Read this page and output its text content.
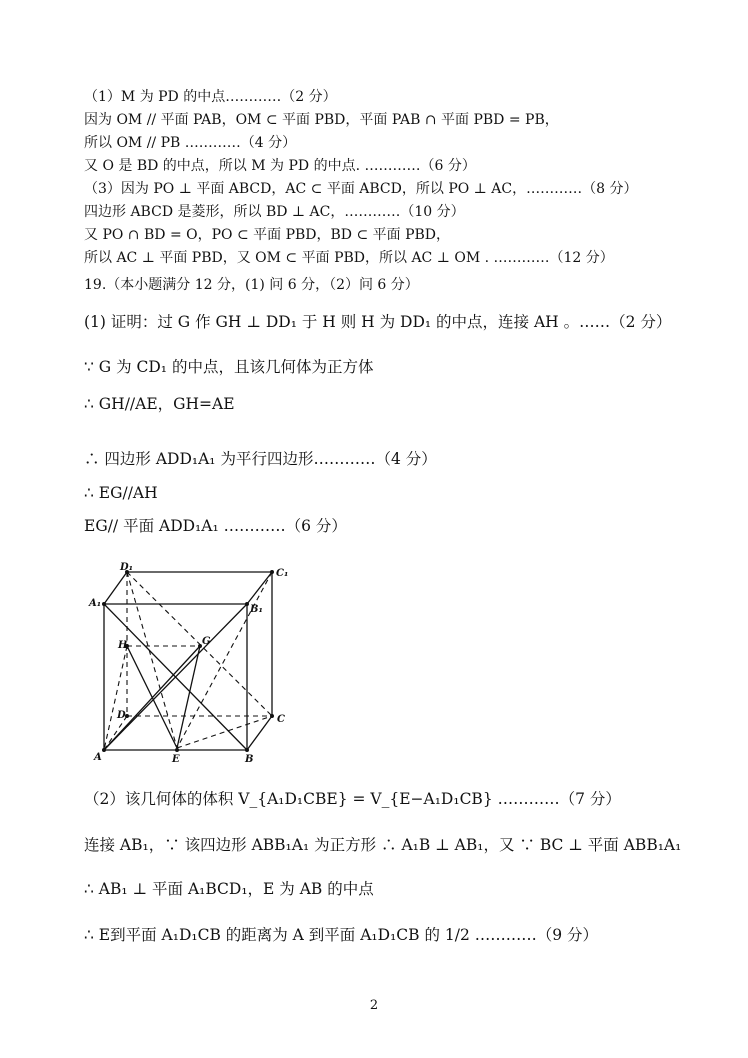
（1）M 为 PD 的中点…………（2 分）
因为 OM // 平面 PAB，OM ⊂ 平面 PBD，平面 PAB ∩ 平面 PBD = PB，
所以 OM // PB …………（4 分）
又 O 是 BD 的中点，所以 M 为 PD 的中点. …………（6 分）
（3）因为 PO ⊥ 平面 ABCD，AC ⊂ 平面 ABCD，所以 PO ⊥ AC，…………（8 分）
四边形 ABCD 是菱形，所以 BD ⊥ AC，…………（10 分）
又 PO ∩ BD = O，PO ⊂ 平面 PBD，BD ⊂ 平面 PBD，
所以 AC ⊥ 平面 PBD，又 OM ⊂ 平面 PBD，所以 AC ⊥ OM . …………（12 分）
19.（本小题满分 12 分，(1) 问 6 分，（2）问 6 分）
(1) 证明：过 G 作 GH ⊥ DD₁ 于 H 则 H 为 DD₁ 的中点，连接 AH 。……（2 分）
∵ G 为 CD₁ 的中点，且该几何体为正方体
∴ GH//AE，GH=AE
∴ 四边形 ADD₁A₁ 为平行四边形…………（4 分）
∴ EG//AH
EG// 平面 ADD₁A₁ …………（6 分）
D₁
C₁
A₁
B₁
H	G
D	C
A	E	B
（2）该几何体的体积 V_{A₁D₁CBE} = V_{E−A₁D₁CB} …………（7 分）
连接 AB₁，∵ 该四边形 ABB₁A₁ 为正方形 ∴ A₁B ⊥ AB₁，又 ∵ BC ⊥ 平面 ABB₁A₁
∴ AB₁ ⊥ 平面 A₁BCD₁，E 为 AB 的中点
∴ E到平面 A₁D₁CB 的距离为 A 到平面 A₁D₁CB 的 1/2 …………（9 分）
2
